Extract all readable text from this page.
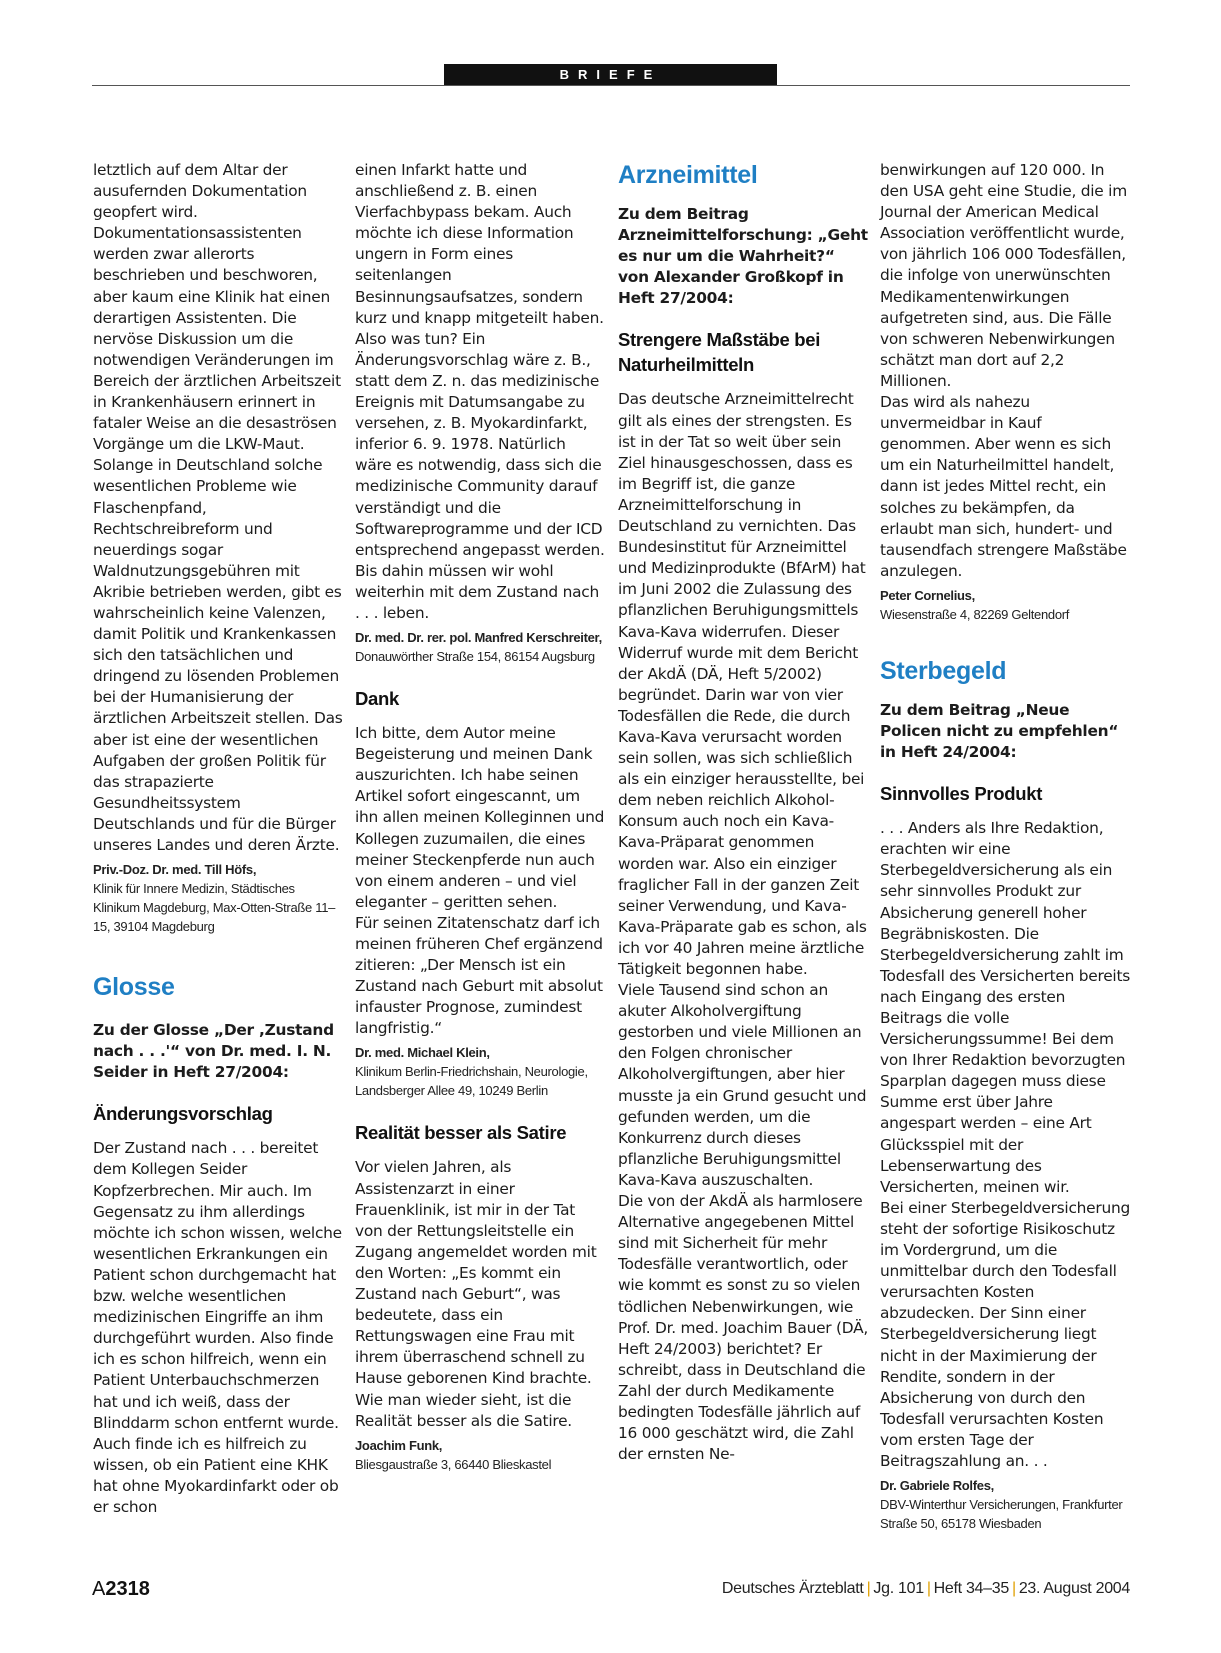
BRIEFE

letztlich auf dem Altar der ausufernden Dokumentation geopfert wird. Dokumentationsassistenten werden zwar allerorts beschrieben und beschworen, aber kaum eine Klinik hat einen derartigen Assistenten. Die nervöse Diskussion um die notwendigen Veränderungen im Bereich der ärztlichen Arbeitszeit in Krankenhäusern erinnert in fataler Weise an die desaströsen Vorgänge um die LKW-Maut. Solange in Deutschland solche wesentlichen Probleme wie Flaschenpfand, Rechtschreibreform und neuerdings sogar Waldnutzungsgebühren mit Akribie betrieben werden, gibt es wahrscheinlich keine Valenzen, damit Politik und Krankenkassen sich den tatsächlichen und dringend zu lösenden Problemen bei der Humanisierung der ärztlichen Arbeitszeit stellen. Das aber ist eine der wesentlichen Aufgaben der großen Politik für das strapazierte Gesundheitssystem Deutschlands und für die Bürger unseres Landes und deren Ärzte.

Priv.-Doz. Dr. med. Till Höfs,
Klinik für Innere Medizin, Städtisches Klinikum Magdeburg, Max-Otten-Straße 11–15, 39104 Magdeburg
Glosse

Zu der Glosse „Der ,Zustand nach . . .'“ von Dr. med. I. N. Seider in Heft 27/2004:

Änderungsvorschlag

Der Zustand nach . . . bereitet dem Kollegen Seider Kopfzerbrechen. Mir auch. Im Gegensatz zu ihm allerdings möchte ich schon wissen, welche wesentlichen Erkrankungen ein Patient schon durchgemacht hat bzw. welche wesentlichen medizinischen Eingriffe an ihm durchgeführt wurden. Also finde ich es schon hilfreich, wenn ein Patient Unterbauchschmerzen hat und ich weiß, dass der Blinddarm schon entfernt wurde. Auch finde ich es hilfreich zu wissen, ob ein Patient eine KHK hat ohne Myokardinfarkt oder ob er schon

einen Infarkt hatte und anschließend z. B. einen Vierfachbypass bekam. Auch möchte ich diese Information ungern in Form eines seitenlangen Besinnungsaufsatzes, sondern kurz und knapp mitgeteilt haben. Also was tun? Ein Änderungsvorschlag wäre z. B., statt dem Z. n. das medizinische Ereignis mit Datumsangabe zu versehen, z. B. Myokardinfarkt, inferior 6. 9. 1978. Natürlich wäre es notwendig, dass sich die medizinische Community darauf verständigt und die Softwareprogramme und der ICD entsprechend angepasst werden. Bis dahin müssen wir wohl weiterhin mit dem Zustand nach . . . leben.

Dr. med. Dr. rer. pol. Manfred Kerschreiter, Donauwörther Straße 154, 86154 Augsburg
Dank

Ich bitte, dem Autor meine Begeisterung und meinen Dank auszurichten. Ich habe seinen Artikel sofort eingescannt, um ihn allen meinen Kolleginnen und Kollegen zuzumailen, die eines meiner Steckenpferde nun auch von einem anderen – und viel eleganter – geritten sehen.

Für seinen Zitatenschatz darf ich meinen früheren Chef ergänzend zitieren: „Der Mensch ist ein Zustand nach Geburt mit absolut infauster Prognose, zumindest langfristig.“

Dr. med. Michael Klein,
Klinikum Berlin-Friedrichshain, Neurologie, Landsberger Allee 49, 10249 Berlin
Realität besser als Satire

Vor vielen Jahren, als Assistenzarzt in einer Frauenklinik, ist mir in der Tat von der Rettungsleitstelle ein Zugang angemeldet worden mit den Worten: „Es kommt ein Zustand nach Geburt“, was bedeutete, dass ein Rettungswagen eine Frau mit ihrem überraschend schnell zu Hause geborenen Kind brachte. Wie man wieder sieht, ist die Realität besser als die Satire.

Joachim Funk,
Bliesgaustraße 3, 66440 Blieskastel
Arzneimittel

Zu dem Beitrag Arzneimittelforschung: „Geht es nur um die Wahrheit?“ von Alexander Großkopf in Heft 27/2004:

Strengere Maßstäbe bei Naturheilmitteln

Das deutsche Arzneimittelrecht gilt als eines der strengsten. Es ist in der Tat so weit über sein Ziel hinausgeschossen, dass es im Begriff ist, die ganze Arzneimittelforschung in Deutschland zu vernichten. Das Bundesinstitut für Arzneimittel und Medizinprodukte (BfArM) hat im Juni 2002 die Zulassung des pflanzlichen Beruhigungsmittels Kava-Kava widerrufen. Dieser Widerruf wurde mit dem Bericht der AkdÄ (DÄ, Heft 5/2002) begründet. Darin war von vier Todesfällen die Rede, die durch Kava-Kava verursacht worden sein sollen, was sich schließlich als ein einziger herausstellte, bei dem neben reichlich Alkohol-Konsum auch noch ein Kava-Kava-Präparat genommen worden war. Also ein einziger fraglicher Fall in der ganzen Zeit seiner Verwendung, und Kava-Kava-Präparate gab es schon, als ich vor 40 Jahren meine ärztliche Tätigkeit begonnen habe.

Viele Tausend sind schon an akuter Alkoholvergiftung gestorben und viele Millionen an den Folgen chronischer Alkoholvergiftungen, aber hier musste ja ein Grund gesucht und gefunden werden, um die Konkurrenz durch dieses pflanzliche Beruhigungsmittel Kava-Kava auszuschalten.

Die von der AkdÄ als harmlosere Alternative angegebenen Mittel sind mit Sicherheit für mehr Todesfälle verantwortlich, oder wie kommt es sonst zu so vielen tödlichen Nebenwirkungen, wie Prof. Dr. med. Joachim Bauer (DÄ, Heft 24/2003) berichtet? Er schreibt, dass in Deutschland die Zahl der durch Medikamente bedingten Todesfälle jährlich auf 16 000 geschätzt wird, die Zahl der ernsten Ne-

benwirkungen auf 120 000. In den USA geht eine Studie, die im Journal der American Medical Association veröffentlicht wurde, von jährlich 106 000 Todesfällen, die infolge von unerwünschten Medikamentenwirkungen aufgetreten sind, aus. Die Fälle von schweren Nebenwirkungen schätzt man dort auf 2,2 Millionen.

Das wird als nahezu unvermeidbar in Kauf genommen. Aber wenn es sich um ein Naturheilmittel handelt, dann ist jedes Mittel recht, ein solches zu bekämpfen, da erlaubt man sich, hundert- und tausendfach strengere Maßstäbe anzulegen.

Peter Cornelius,
Wiesenstraße 4, 82269 Geltendorf
Sterbegeld

Zu dem Beitrag „Neue Policen nicht zu empfehlen“ in Heft 24/2004:

Sinnvolles Produkt

. . . Anders als Ihre Redaktion, erachten wir eine Sterbegeldversicherung als ein sehr sinnvolles Produkt zur Absicherung generell hoher Begräbniskosten. Die Sterbegeldversicherung zahlt im Todesfall des Versicherten bereits nach Eingang des ersten Beitrags die volle Versicherungssumme! Bei dem von Ihrer Redaktion bevorzugten Sparplan dagegen muss diese Summe erst über Jahre angespart werden – eine Art Glücksspiel mit der Lebenserwartung des Versicherten, meinen wir.

Bei einer Sterbegeldversicherung steht der sofortige Risikoschutz im Vordergrund, um die unmittelbar durch den Todesfall verursachten Kosten abzudecken. Der Sinn einer Sterbegeldversicherung liegt nicht in der Maximierung der Rendite, sondern in der Absicherung von durch den Todesfall verursachten Kosten vom ersten Tage der Beitragszahlung an. . .

Dr. Gabriele Rolfes,
DBV-Winterthur Versicherungen, Frankfurter Straße 50, 65178 Wiesbaden
A2318	Deutsches Ärzteblatt | Jg. 101 | Heft 34–35 | 23. August 2004
